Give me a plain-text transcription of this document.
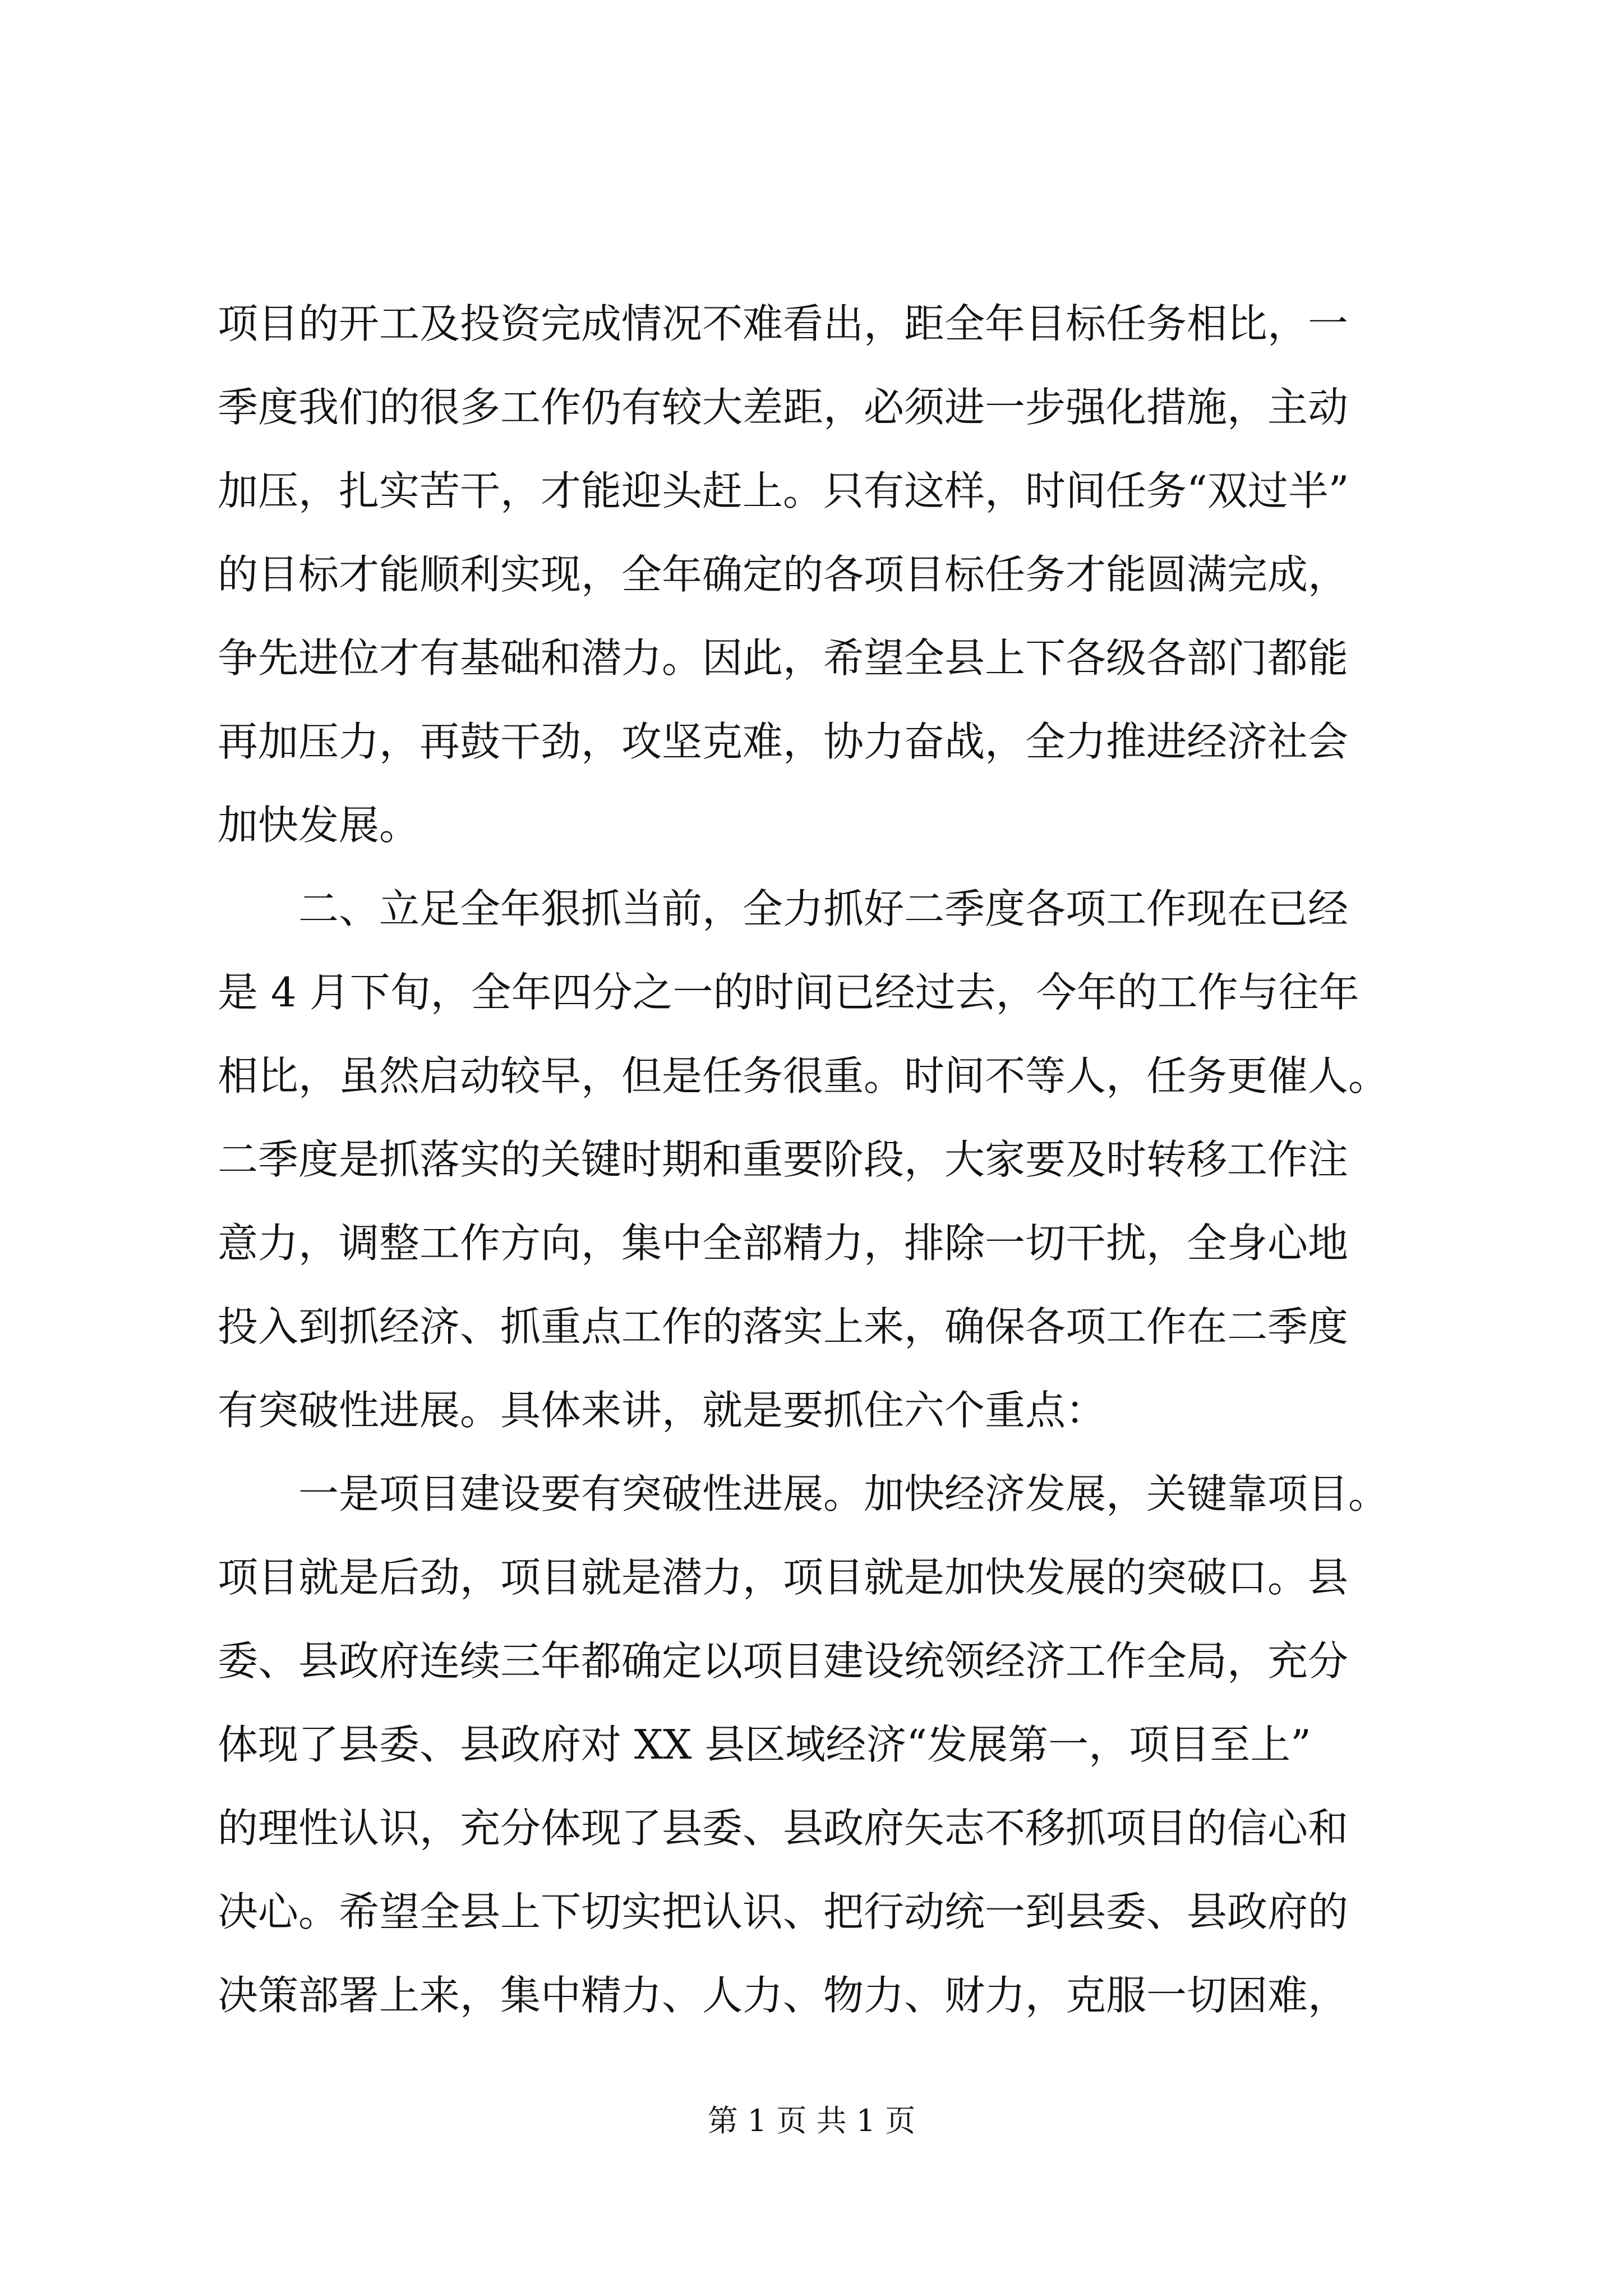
项目的开工及投资完成情况不难看出，距全年目标任务相比，一
季度我们的很多工作仍有较大差距，必须进一步强化措施，主动
加压，扎实苦干，才能迎头赶上。只有这样，时间任务“双过半”
的目标才能顺利实现，全年确定的各项目标任务才能圆满完成，
争先进位才有基础和潜力。因此，希望全县上下各级各部门都能
再加压力，再鼓干劲，攻坚克难，协力奋战，全力推进经济社会
加快发展。
二、立足全年狠抓当前，全力抓好二季度各项工作现在已经
是 4 月下旬，全年四分之一的时间已经过去，今年的工作与往年
相比，虽然启动较早，但是任务很重。时间不等人，任务更催人。
二季度是抓落实的关键时期和重要阶段，大家要及时转移工作注
意力，调整工作方向，集中全部精力，排除一切干扰，全身心地
投入到抓经济、抓重点工作的落实上来，确保各项工作在二季度
有突破性进展。具体来讲，就是要抓住六个重点：
一是项目建设要有突破性进展。加快经济发展，关键靠项目。
项目就是后劲，项目就是潜力，项目就是加快发展的突破口。县
委、县政府连续三年都确定以项目建设统领经济工作全局，充分
体现了县委、县政府对 XX 县区域经济“发展第一，项目至上”
的理性认识，充分体现了县委、县政府矢志不移抓项目的信心和
决心。希望全县上下切实把认识、把行动统一到县委、县政府的
决策部署上来，集中精力、人力、物力、财力，克服一切困难，
第 1 页 共 1 页
